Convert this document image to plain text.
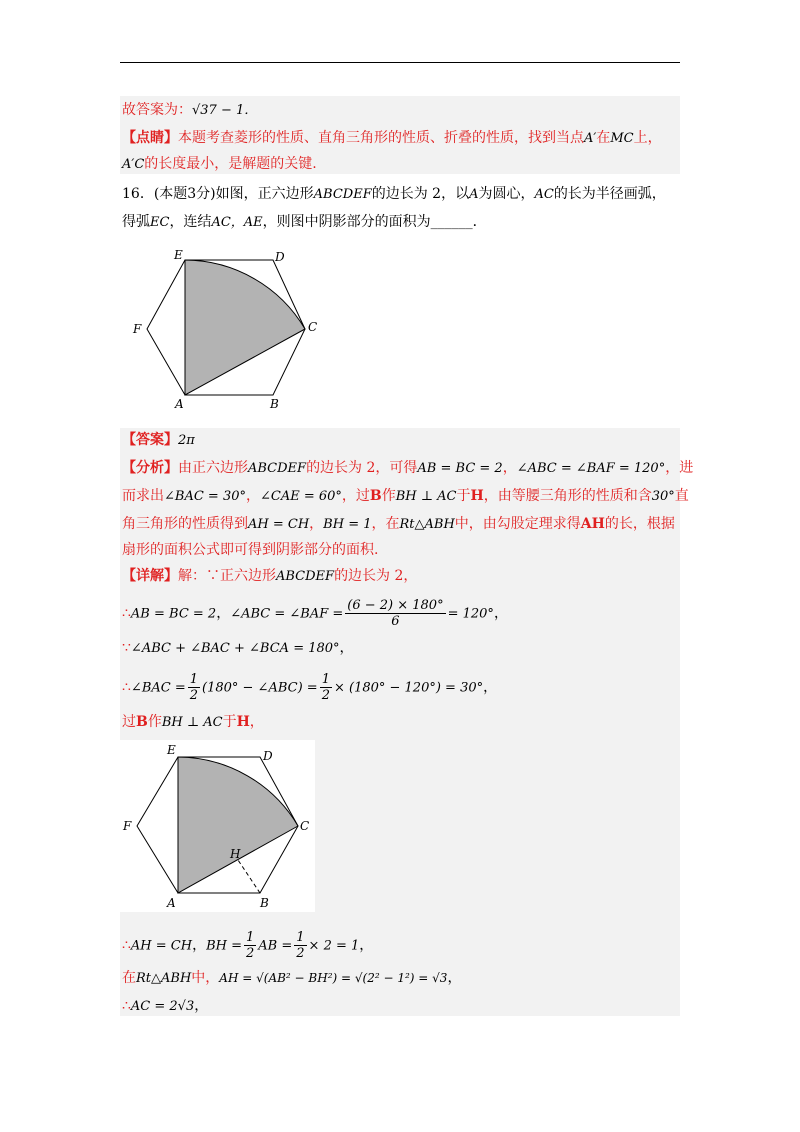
故答案为：√37 − 1．
【点睛】本题考查菱形的性质、直角三角形的性质、折叠的性质，找到当点A′在MC上，
A′C的长度最小，是解题的关键.
16．(本题3分)如图，正六边形ABCDEF的边长为 2，以A为圆心，AC的长为半径画弧，
得弧EC，连结AC，AE，则图中阴影部分的面积为______．
E	D
F	C
A	B
【答案】2π
【分析】由正六边形ABCDEF的边长为 2，可得AB = BC = 2，∠ABC = ∠BAF = 120°，进
而求出∠BAC = 30°，∠CAE = 60°，过B作BH ⊥ AC于H，由等腰三角形的性质和含30°直
角三角形的性质得到AH = CH，BH = 1，在Rt△ABH中，由勾股定理求得AH的长，根据
扇形的面积公式即可得到阴影部分的面积.
【详解】解：∵正六边形ABCDEF的边长为 2，
∴AB = BC = 2，∠ABC = ∠BAF = $\frac{(6 - 2) \times 180^\circ}{6} = 120^\circ$，
∵∠ABC + ∠BAC + ∠BCA = 180°，
∴∠BAC = $\frac{1}{2} (180^\circ$ − ∠ABC) = $\frac{1}{2} \times (180^\circ - 120^\circ) = 30^\circ$，
过B作BH ⊥ AC于H，
E	D
F	C
H
A	B
∴AH = CH，BH = $\frac{1}{2}$ AB = $\frac{1}{2} \times 2 = 1$，
在Rt△ABH中，AH = √(AB² − BH²) = √(2² − 1²) = √3，
∴AC = 2√3，
